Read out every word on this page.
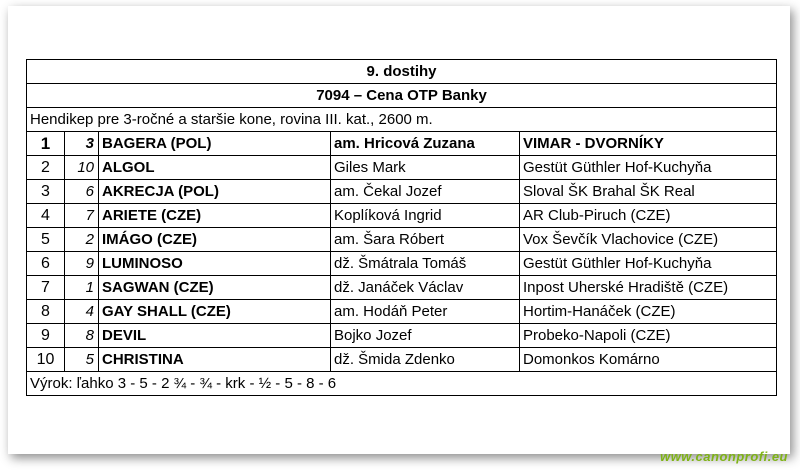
9. dostihy				
7094 – Cena OTP Banky				
Hendikep pre 3-ročné a staršie kone, rovina III. kat., 2600 m.				
1	3	BAGERA (POL)	am. Hricová Zuzana	VIMAR - DVORNÍKY
2	10	ALGOL	Giles Mark	Gestüt Güthler Hof-Kuchyňa
3	6	AKRECJA (POL)	am. Čekal Jozef	Sloval ŠK Brahal ŠK Real
4	7	ARIETE (CZE)	Koplíková Ingrid	AR Club-Piruch (CZE)
5	2	IMÁGO (CZE)	am. Šara Róbert	Vox Ševčík Vlachovice (CZE)
6	9	LUMINOSO	dž. Šmátrala Tomáš	Gestüt Güthler Hof-Kuchyňa
7	1	SAGWAN (CZE)	dž. Janáček Václav	Inpost Uherské Hradiště (CZE)
8	4	GAY SHALL (CZE)	am. Hodáň Peter	Hortim-Hanáček (CZE)
9	8	DEVIL	Bojko Jozef	Probeko-Napoli (CZE)
10	5	CHRISTINA	dž. Šmida Zdenko	Domonkos Komárno
Výrok: ľahko 3 - 5 - 2 ¾ - ¾ - krk - ½ - 5 - 8 - 6				
www.canonprofi.eu
